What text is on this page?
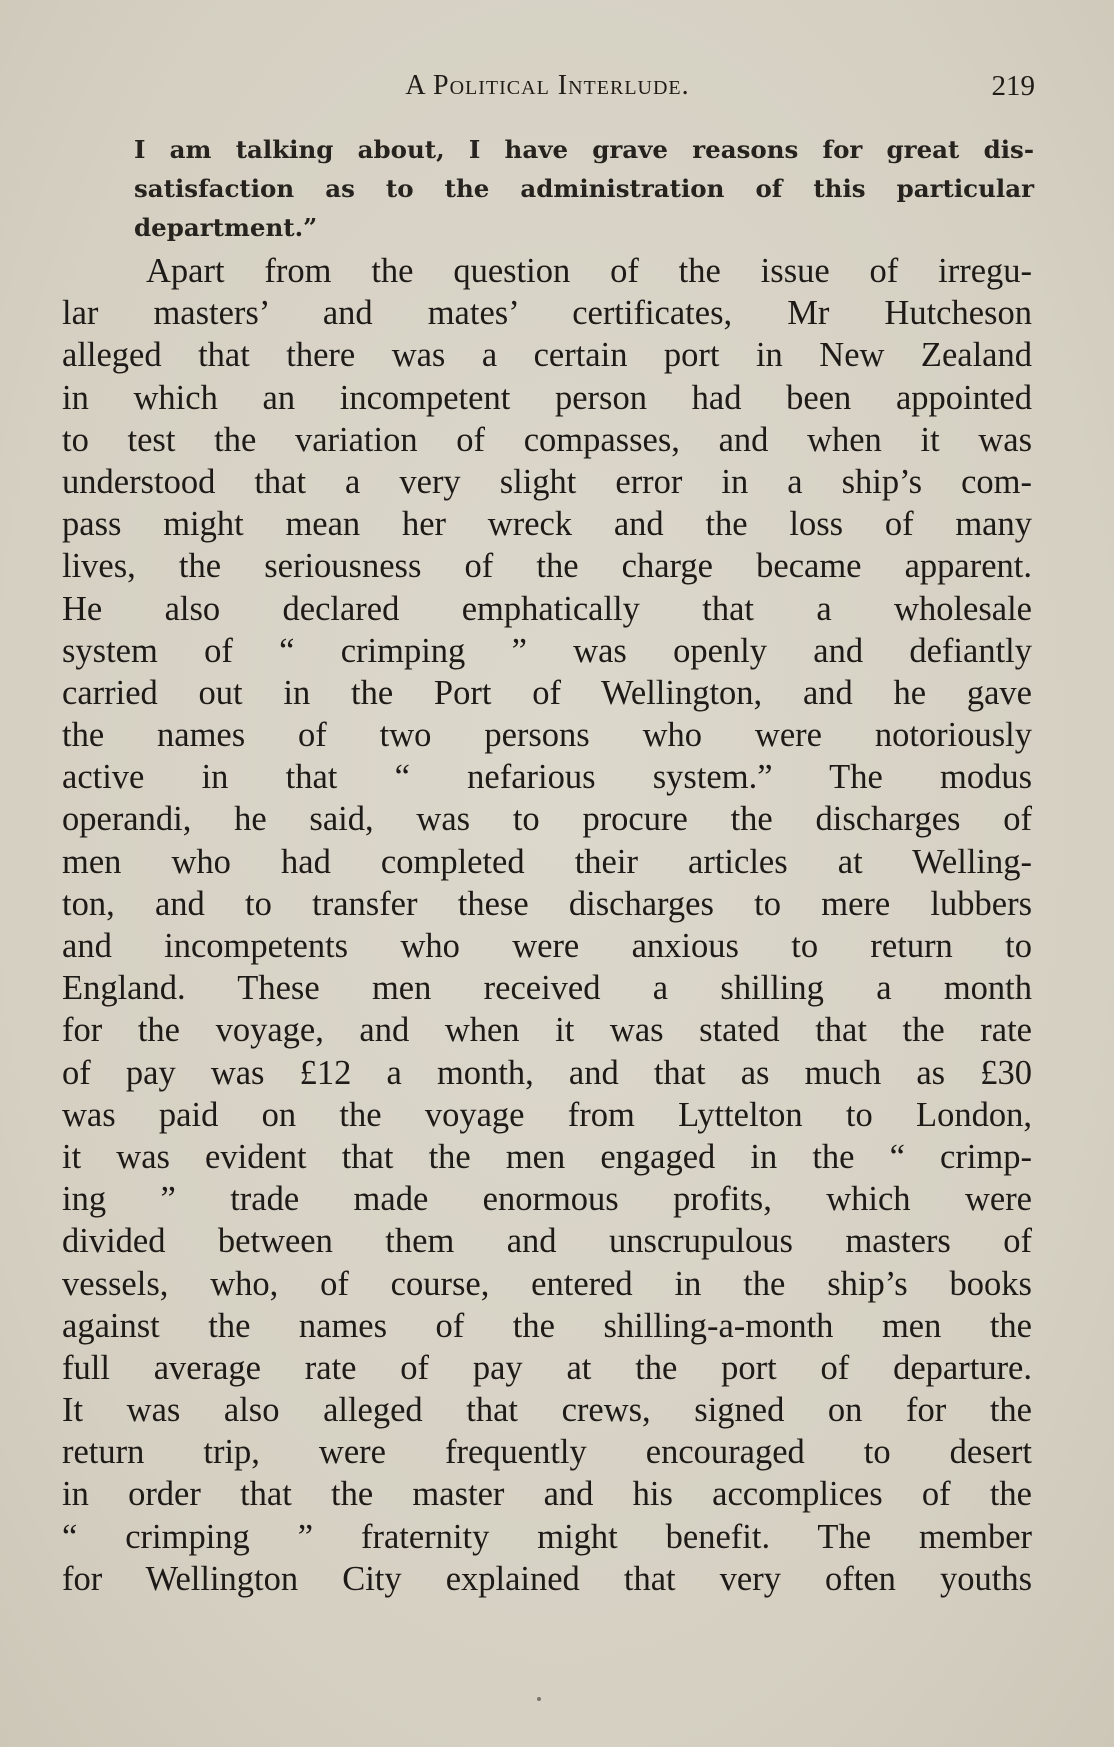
A Political Interlude.	219
I am talking about, I have grave reasons for great dis-
satisfaction as to the administration of this particular
department.”
Apart from the question of the issue of irregu-
lar masters’ and mates’ certificates, Mr Hutcheson
alleged that there was a certain port in New Zealand
in which an incompetent person had been appointed
to test the variation of compasses, and when it was
understood that a very slight error in a ship’s com-
pass might mean her wreck and the loss of many
lives, the seriousness of the charge became apparent.
He also declared emphatically that a wholesale
system of “ crimping ” was openly and defiantly
carried out in the Port of Wellington, and he gave
the names of two persons who were notoriously
active in that “ nefarious system.” The modus
operandi, he said, was to procure the discharges of
men who had completed their articles at Welling-
ton, and to transfer these discharges to mere lubbers
and incompetents who were anxious to return to
England. These men received a shilling a month
for the voyage, and when it was stated that the rate
of pay was £12 a month, and that as much as £30
was paid on the voyage from Lyttelton to London,
it was evident that the men engaged in the “ crimp-
ing ” trade made enormous profits, which were
divided between them and unscrupulous masters of
vessels, who, of course, entered in the ship’s books
against the names of the shilling-a-month men the
full average rate of pay at the port of departure.
It was also alleged that crews, signed on for the
return trip, were frequently encouraged to desert
in order that the master and his accomplices of the
“ crimping ” fraternity might benefit. The member
for Wellington City explained that very often youths
